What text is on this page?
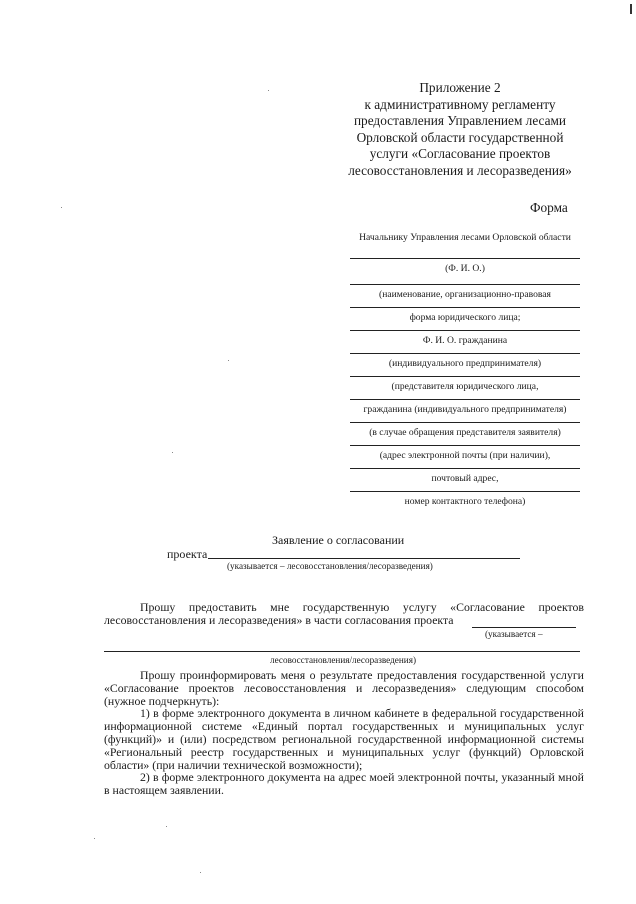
Приложение 2
к административному регламенту
предоставления Управлением лесами
Орловской области государственной
услуги «Согласование проектов
лесовосстановления и лесоразведения»
Форма
Начальнику Управления лесами Орловской области
(Ф. И. О.)
(наименование, организационно-правовая
форма юридического лица;
Ф. И. О. гражданина
(индивидуального предпринимателя)
(представителя юридического лица,
гражданина (индивидуального предпринимателя)
(в случае обращения представителя заявителя)
(адрес электронной почты (при наличии),
почтовый адрес,
номер контактного телефона)
Заявление о согласовании
проекта
(указывается – лесовосстановления/лесоразведения)

Прошу предоставить мне государственную услугу «Согласование проектов лесовосстановления и лесоразведения» в части согласования проекта

(указывается –
лесовосстановления/лесоразведения)

Прошу проинформировать меня о результате предоставления государственной услуги «Согласование проектов лесовосстановления и лесоразведения» следующим способом (нужное подчеркнуть):

1) в форме электронного документа в личном кабинете в федеральной государственной информационной системе «Единый портал государственных и муниципальных услуг (функций)» и (или) посредством региональной государственной информационной системы «Региональный реестр государственных и муниципальных услуг (функций) Орловской области» (при наличии технической возможности);

2) в форме электронного документа на адрес моей электронной почты, указанный мной в настоящем заявлении.
